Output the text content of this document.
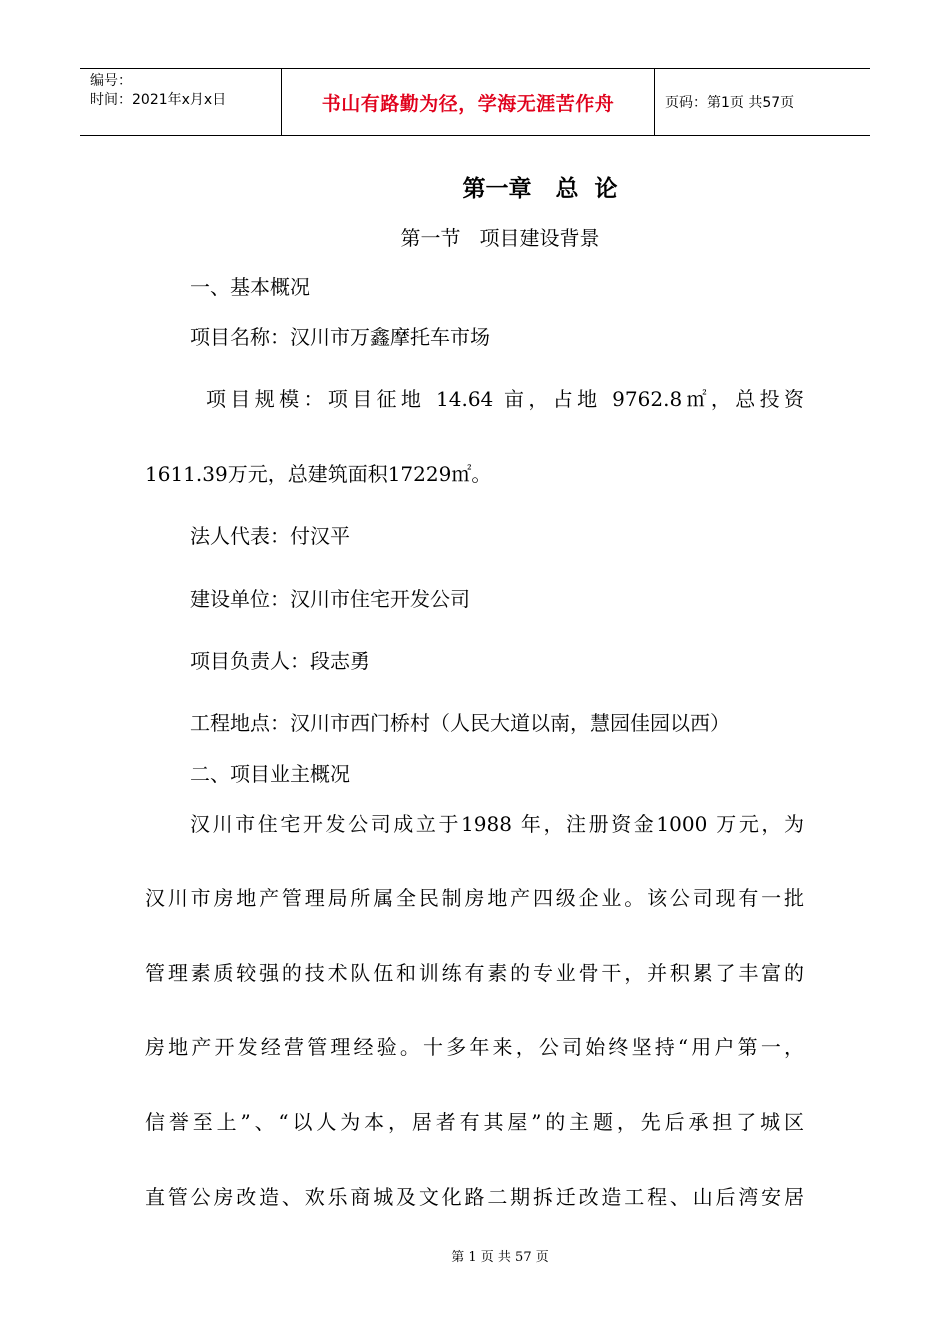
编号：
时间：2021年x月x日	书山有路勤为径，学海无涯苦作舟	页码：第1页 共57页
第一章   总  论
第一节   项目建设背景
一、基本概况
项目名称：汉川市万鑫摩托车市场
项目规模：项目征地 14.64 亩，占地 9762.8㎡，总投资
1611.39万元，总建筑面积17229㎡。
法人代表：付汉平
建设单位：汉川市住宅开发公司
项目负责人：段志勇
工程地点：汉川市西门桥村（人民大道以南，慧园佳园以西）
二、项目业主概况
汉川市住宅开发公司成立于1988 年，注册资金1000 万元，为
汉川市房地产管理局所属全民制房地产四级企业。该公司现有一批
管理素质较强的技术队伍和训练有素的专业骨干，并积累了丰富的
房地产开发经营管理经验。十多年来，公司始终坚持“用户第一，
信誉至上”、“以人为本，居者有其屋”的主题，先后承担了城区
直管公房改造、欢乐商城及文化路二期拆迁改造工程、山后湾安居
第 1 页 共 57 页
